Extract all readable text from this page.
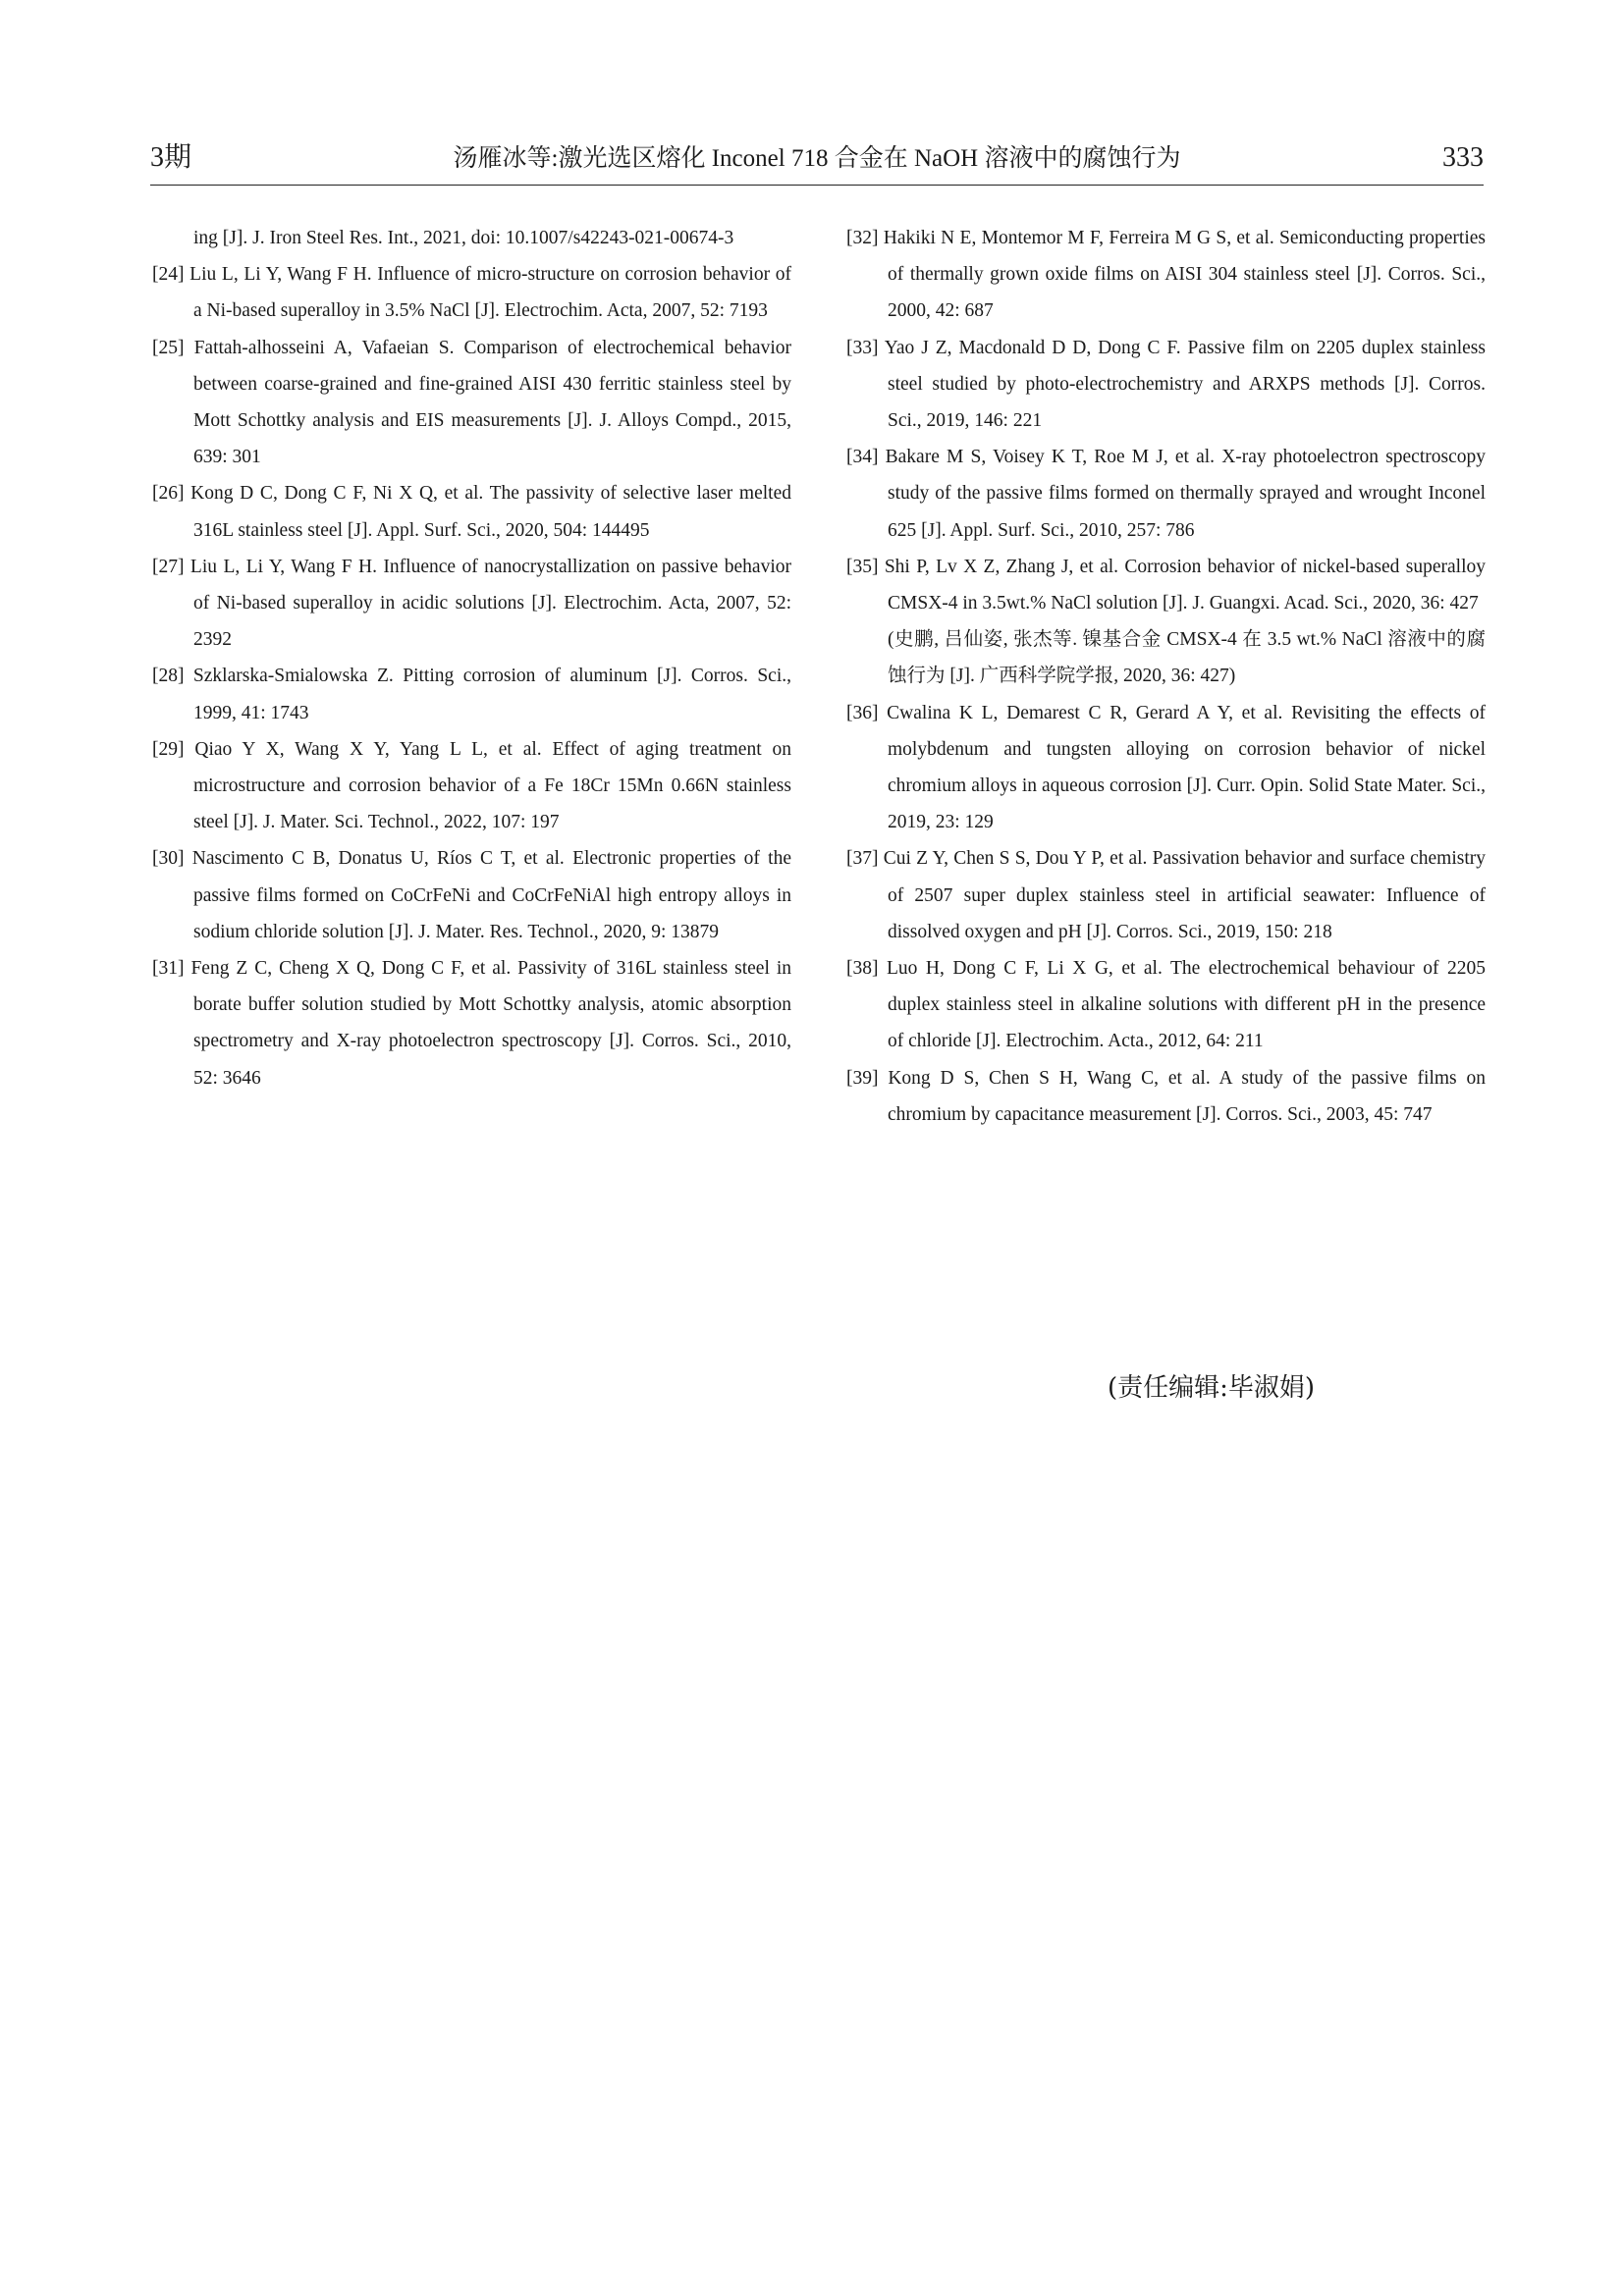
3期	汤雁冰等:激光选区熔化 Inconel 718 合金在 NaOH 溶液中的腐蚀行为	333

ing [J]. J. Iron Steel Res. Int., 2021, doi: 10.1007/s42243-021-00674-3

[24] Liu L, Li Y, Wang F H. Influence of micro-structure on corrosion behavior of a Ni-based superalloy in 3.5% NaCl [J]. Electrochim. Acta, 2007, 52: 7193

[25] Fattah-alhosseini A, Vafaeian S. Comparison of electrochemical behavior between coarse-grained and fine-grained AISI 430 ferritic stainless steel by Mott Schottky analysis and EIS measurements [J]. J. Alloys Compd., 2015, 639: 301

[26] Kong D C, Dong C F, Ni X Q, et al. The passivity of selective laser melted 316L stainless steel [J]. Appl. Surf. Sci., 2020, 504: 144495

[27] Liu L, Li Y, Wang F H. Influence of nanocrystallization on passive behavior of Ni-based superalloy in acidic solutions [J]. Electrochim. Acta, 2007, 52: 2392

[28] Szklarska-Smialowska Z. Pitting corrosion of aluminum [J]. Corros. Sci., 1999, 41: 1743

[29] Qiao Y X, Wang X Y, Yang L L, et al. Effect of aging treatment on microstructure and corrosion behavior of a Fe 18Cr 15Mn 0.66N stainless steel [J]. J. Mater. Sci. Technol., 2022, 107: 197

[30] Nascimento C B, Donatus U, Ríos C T, et al. Electronic properties of the passive films formed on CoCrFeNi and CoCrFeNiAl high entropy alloys in sodium chloride solution [J]. J. Mater. Res. Technol., 2020, 9: 13879

[31] Feng Z C, Cheng X Q, Dong C F, et al. Passivity of 316L stainless steel in borate buffer solution studied by Mott Schottky analysis, atomic absorption spectrometry and X-ray photoelectron spectroscopy [J]. Corros. Sci., 2010, 52: 3646

[32] Hakiki N E, Montemor M F, Ferreira M G S, et al. Semiconducting properties of thermally grown oxide films on AISI 304 stainless steel [J]. Corros. Sci., 2000, 42: 687

[33] Yao J Z, Macdonald D D, Dong C F. Passive film on 2205 duplex stainless steel studied by photo-electrochemistry and ARXPS methods [J]. Corros. Sci., 2019, 146: 221

[34] Bakare M S, Voisey K T, Roe M J, et al. X-ray photoelectron spectroscopy study of the passive films formed on thermally sprayed and wrought Inconel 625 [J]. Appl. Surf. Sci., 2010, 257: 786

[35] Shi P, Lv X Z, Zhang J, et al. Corrosion behavior of nickel-based superalloy CMSX-4 in 3.5wt.% NaCl solution [J]. J. Guangxi. Acad. Sci., 2020, 36: 427

(史鹏, 吕仙姿, 张杰等. 镍基合金 CMSX-4 在 3.5 wt.% NaCl 溶液中的腐蚀行为 [J]. 广西科学院学报, 2020, 36: 427)

[36] Cwalina K L, Demarest C R, Gerard A Y, et al. Revisiting the effects of molybdenum and tungsten alloying on corrosion behavior of nickel chromium alloys in aqueous corrosion [J]. Curr. Opin. Solid State Mater. Sci., 2019, 23: 129

[37] Cui Z Y, Chen S S, Dou Y P, et al. Passivation behavior and surface chemistry of 2507 super duplex stainless steel in artificial seawater: Influence of dissolved oxygen and pH [J]. Corros. Sci., 2019, 150: 218

[38] Luo H, Dong C F, Li X G, et al. The electrochemical behaviour of 2205 duplex stainless steel in alkaline solutions with different pH in the presence of chloride [J]. Electrochim. Acta., 2012, 64: 211

[39] Kong D S, Chen S H, Wang C, et al. A study of the passive films on chromium by capacitance measurement [J]. Corros. Sci., 2003, 45: 747

(责任编辑:毕淑娟)
